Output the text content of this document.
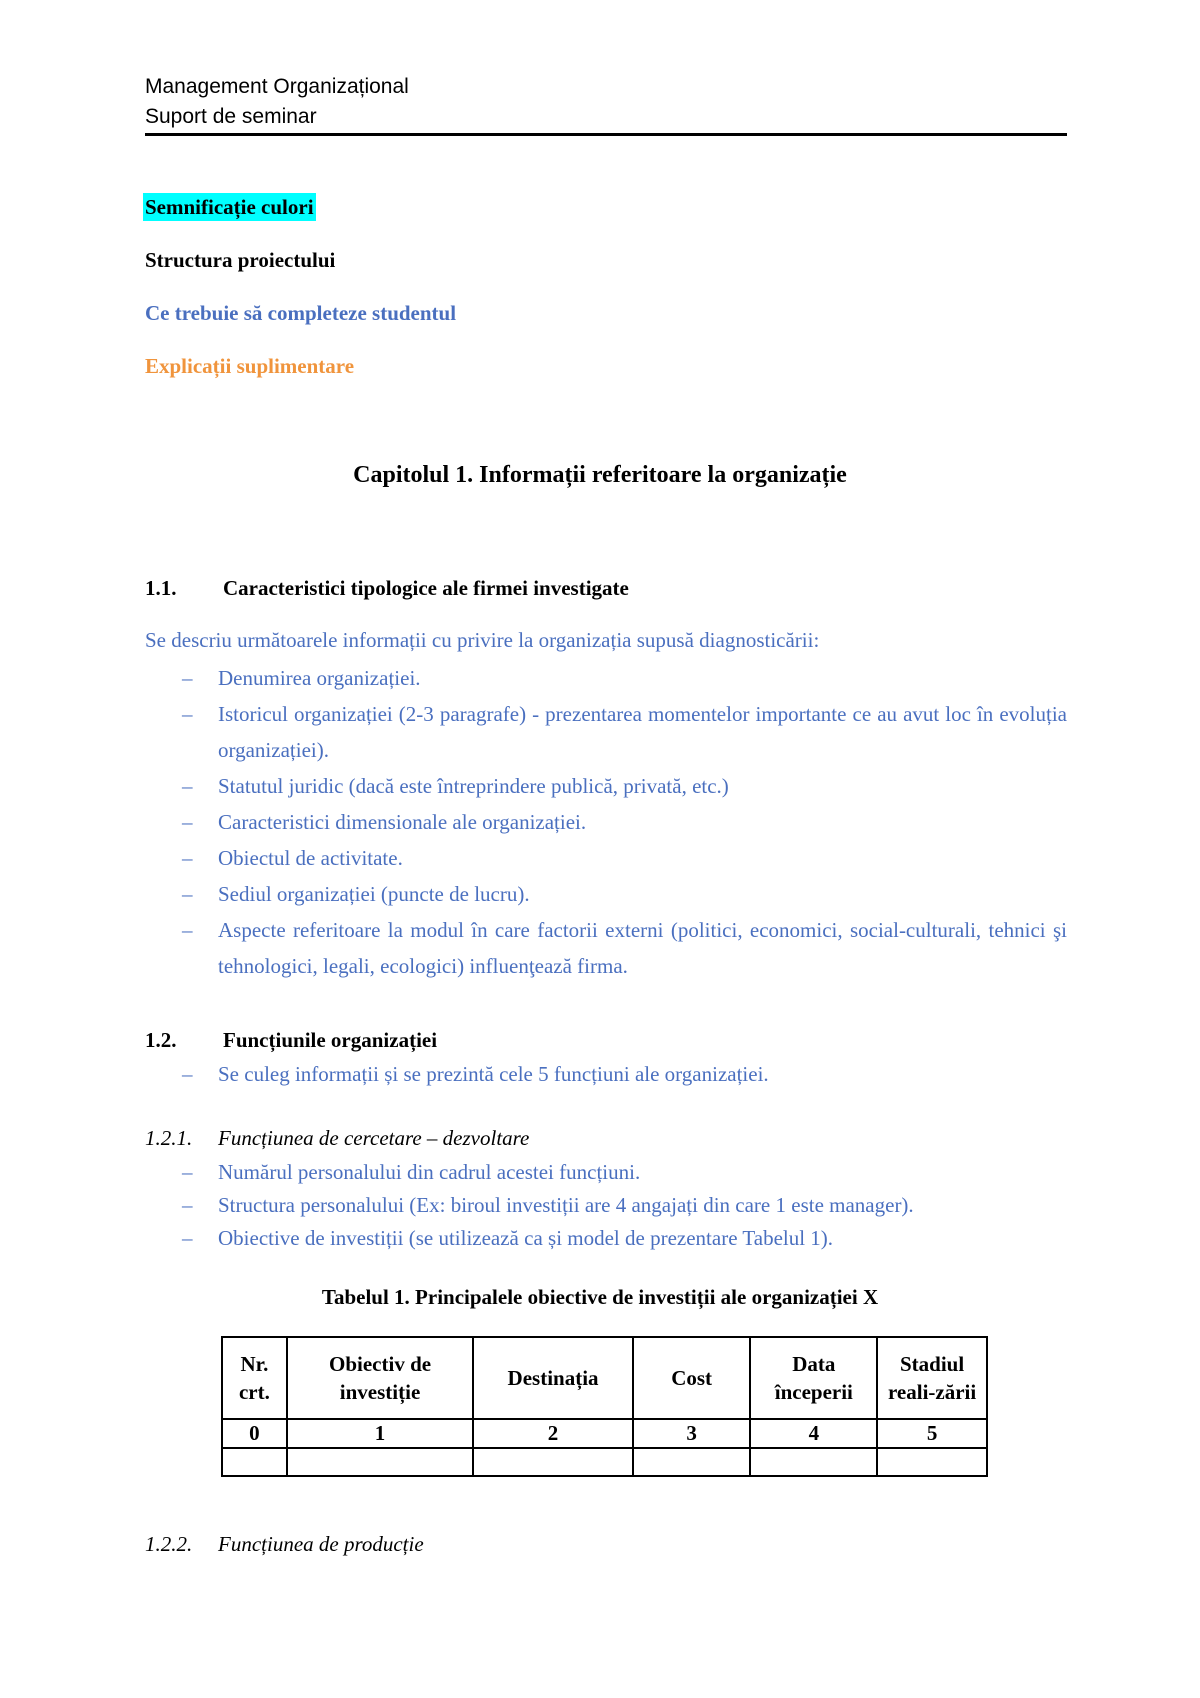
Management Organizațional
Suport de seminar
Semnificație culori
Structura proiectului
Ce trebuie să completeze studentul
Explicații suplimentare
Capitolul 1. Informații referitoare la organizație
1.1. Caracteristici tipologice ale firmei investigate
Se descriu următoarele informații cu privire la organizația supusă diagnosticării:
– Denumirea organizației.
– Istoricul organizației (2-3 paragrafe) - prezentarea momentelor importante ce au avut loc în evoluția organizației).
– Statutul juridic (dacă este întreprindere publică, privată, etc.)
– Caracteristici dimensionale ale organizației.
– Obiectul de activitate.
– Sediul organizației (puncte de lucru).
– Aspecte referitoare la modul în care factorii externi (politici, economici, social-culturali, tehnici şi tehnologici, legali, ecologici) influenţează firma.
1.2. Funcțiunile organizației
– Se culeg informații și se prezintă cele 5 funcțiuni ale organizației.
1.2.1. Funcțiunea de cercetare – dezvoltare
– Numărul personalului din cadrul acestei funcțiuni.
– Structura personalului (Ex: biroul investiții are 4 angajați din care 1 este manager).
– Obiective de investiții (se utilizează ca și model de prezentare Tabelul 1).
Tabelul 1. Principalele obiective de investiții ale organizației X
Nr. crt.	Obiectiv de investiție	Destinația	Cost	Data începerii	Stadiul reali-zării
0	1	2	3	4	5

1.2.2. Funcțiunea de producție
